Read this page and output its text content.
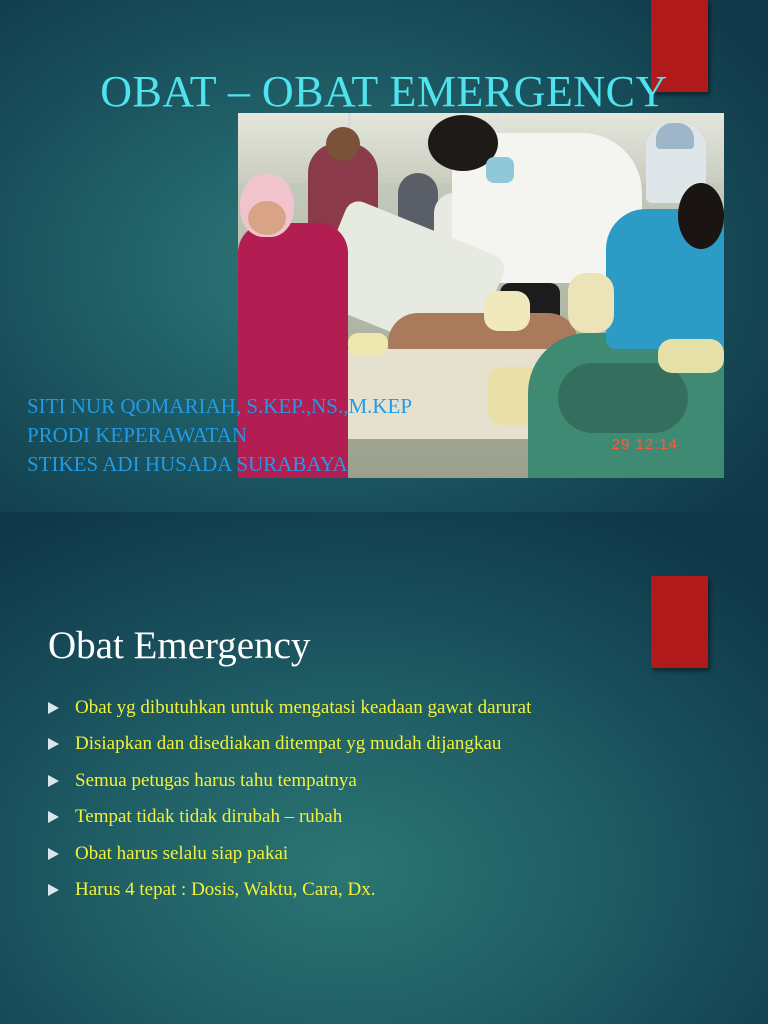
29 12:14
OBAT – OBAT EMERGENCY
SITI NUR QOMARIAH, S.KEP.,NS.,M.KEP
PRODI KEPERAWATAN
STIKES ADI HUSADA SURABAYA
Obat Emergency
Obat yg dibutuhkan untuk mengatasi keadaan gawat darurat
Disiapkan dan disediakan ditempat yg mudah dijangkau
Semua petugas harus tahu tempatnya
Tempat tidak tidak dirubah – rubah
Obat harus selalu siap pakai
Harus 4 tepat : Dosis, Waktu, Cara, Dx.
